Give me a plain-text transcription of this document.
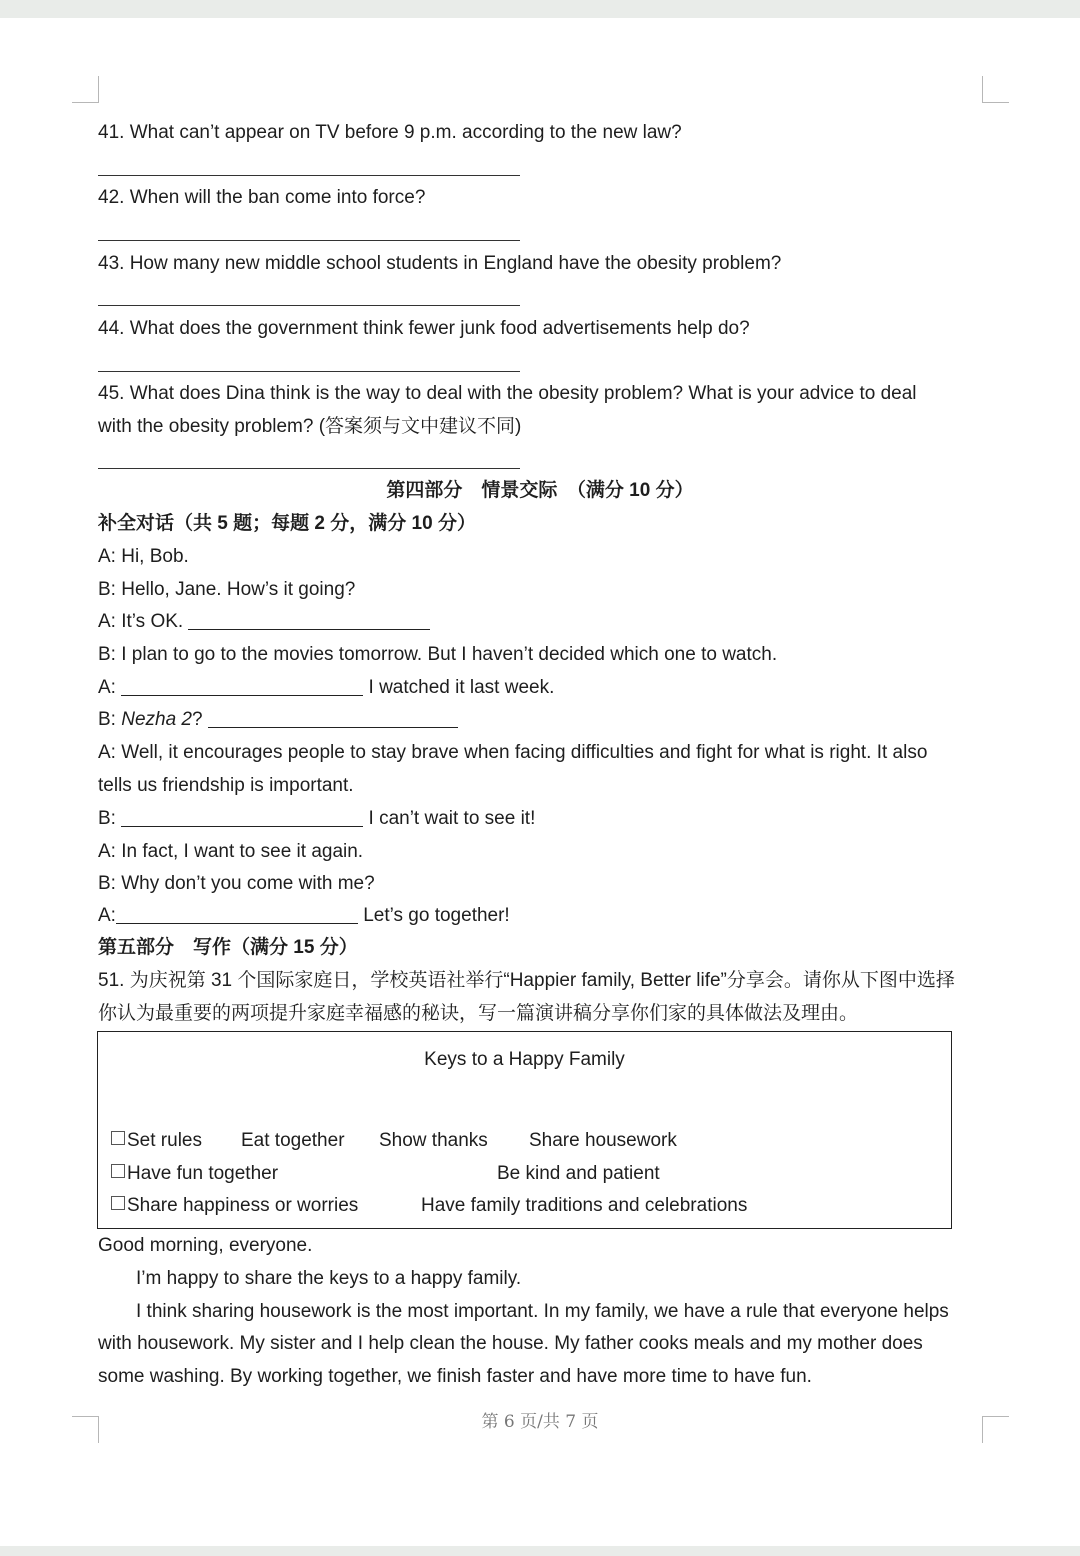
41. What can’t appear on TV before 9 p.m. according to the new law?
42. When will the ban come into force?
43. How many new middle school students in England have the obesity problem?
44. What does the government think fewer junk food advertisements help do?
45. What does Dina think is the way to deal with the obesity problem? What is your advice to deal
with the obesity problem? (答案须与文中建议不同)
第四部分　情景交际　（满分 10 分）
补全对话（共 5 题；每题 2 分，满分 10 分）
A: Hi, Bob.
B: Hello, Jane. How’s it going?
A: It’s OK.
B: I plan to go to the movies tomorrow. But I haven’t decided which one to watch.
A:	I watched it last week.
B: Nezha 2?
A: Well, it encourages people to stay brave when facing difficulties and fight for what is right. It also
tells us friendship is important.
B:	I can’t wait to see it!
A: In fact, I want to see it again.
B: Why don’t you come with me?
A:	Let’s go together!
第五部分　写作（满分 15 分）
51. 为庆祝第 31 个国际家庭日，学校英语社举行“Happier family, Better life”分享会。请你从下图中选择
你认为最重要的两项提升家庭幸福感的秘诀，写一篇演讲稿分享你们家的具体做法及理由。
Keys to a Happy Family
Set rules Eat together Show thanks Share housework
Have fun together	Be kind and patient
Share happiness or worries	Have family traditions and celebrations
Good morning, everyone.
I’m happy to share the keys to a happy family.
I think sharing housework is the most important. In my family, we have a rule that everyone helps
with housework. My sister and I help clean the house. My father cooks meals and my mother does
some washing. By working together, we finish faster and have more time to have fun.
第 6 页/共 7 页
